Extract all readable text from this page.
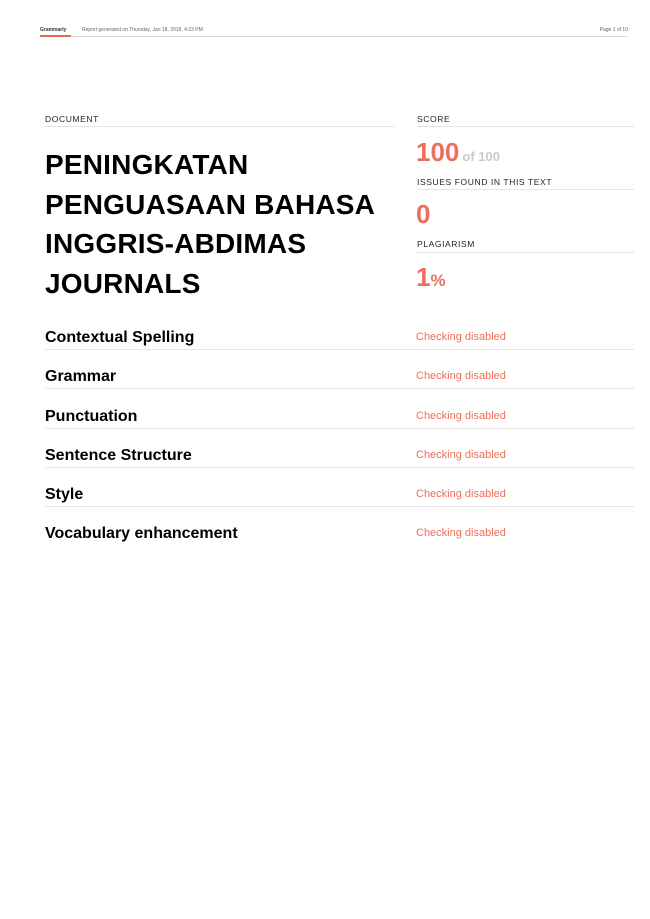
Grammarly	Report generated on Thursday, Jan 18, 2018, 4:23 PM	Page 1 of 10
DOCUMENT
PENINGKATAN PENGUASAAN BAHASA INGGRIS-ABDIMAS JOURNALS
SCORE
100 of 100
ISSUES FOUND IN THIS TEXT
0
PLAGIARISM
1%
Contextual Spelling	Checking disabled
Grammar	Checking disabled
Punctuation	Checking disabled
Sentence Structure	Checking disabled
Style	Checking disabled
Vocabulary enhancement	Checking disabled
